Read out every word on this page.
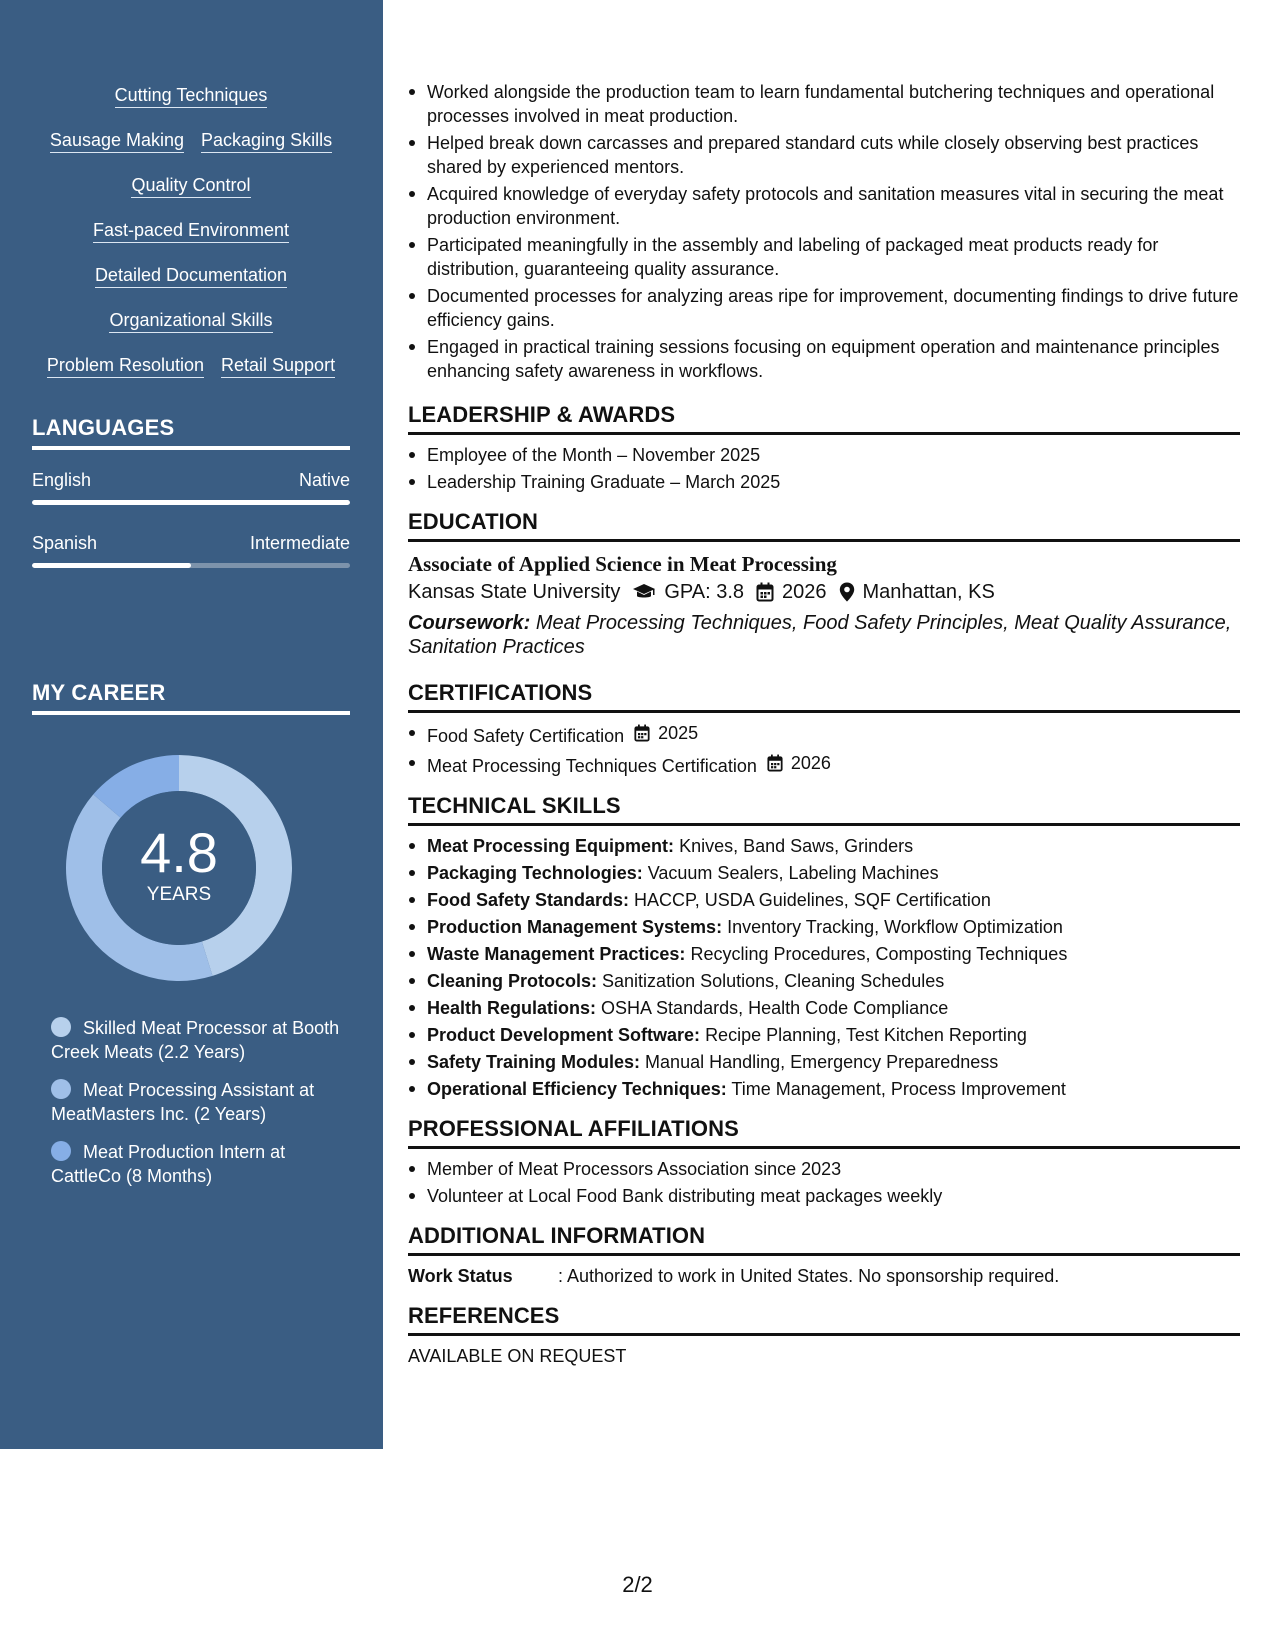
Cutting Techniques
Sausage Making Packaging Skills
Quality Control
Fast-paced Environment
Detailed Documentation
Organizational Skills
Problem Resolution Retail Support
LANGUAGES
English	Native
Spanish	Intermediate
MY CAREER
4.8
YEARS
Skilled Meat Processor at Booth Creek Meats (2.2 Years)
Meat Processing Assistant at MeatMasters Inc. (2 Years)
Meat Production Intern at CattleCo (8 Months)
Worked alongside the production team to learn fundamental butchering techniques and operational processes involved in meat production.
Helped break down carcasses and prepared standard cuts while closely observing best practices shared by experienced mentors.
Acquired knowledge of everyday safety protocols and sanitation measures vital in securing the meat production environment.
Participated meaningfully in the assembly and labeling of packaged meat products ready for distribution, guaranteeing quality assurance.
Documented processes for analyzing areas ripe for improvement, documenting findings to drive future efficiency gains.
Engaged in practical training sessions focusing on equipment operation and maintenance principles enhancing safety awareness in workflows.
LEADERSHIP & AWARDS
Employee of the Month – November 2025
Leadership Training Graduate – March 2025
EDUCATION
Associate of Applied Science in Meat Processing
Kansas State University GPA: 3.8 2026 Manhattan, KS
Coursework: Meat Processing Techniques, Food Safety Principles, Meat Quality Assurance, Sanitation Practices
CERTIFICATIONS
Food Safety Certification 2025
Meat Processing Techniques Certification 2026
TECHNICAL SKILLS
Meat Processing Equipment: Knives, Band Saws, Grinders
Packaging Technologies: Vacuum Sealers, Labeling Machines
Food Safety Standards: HACCP, USDA Guidelines, SQF Certification
Production Management Systems: Inventory Tracking, Workflow Optimization
Waste Management Practices: Recycling Procedures, Composting Techniques
Cleaning Protocols: Sanitization Solutions, Cleaning Schedules
Health Regulations: OSHA Standards, Health Code Compliance
Product Development Software: Recipe Planning, Test Kitchen Reporting
Safety Training Modules: Manual Handling, Emergency Preparedness
Operational Efficiency Techniques: Time Management, Process Improvement
PROFESSIONAL AFFILIATIONS
Member of Meat Processors Association since 2023
Volunteer at Local Food Bank distributing meat packages weekly
ADDITIONAL INFORMATION
Work Status	: Authorized to work in United States. No sponsorship required.
REFERENCES
AVAILABLE ON REQUEST
2/2
